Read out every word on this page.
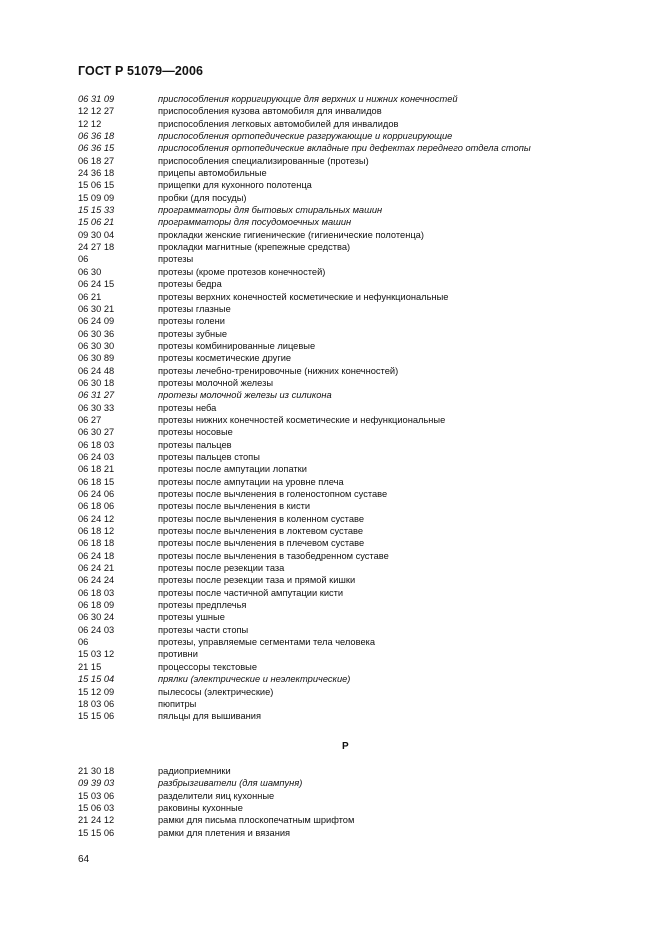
ГОСТ Р 51079—2006
06 31 09	приспособления корригирующие для верхних и нижних конечностей
12 12 27	приспособления кузова автомобиля для инвалидов
12 12	приспособления легковых автомобилей для инвалидов
06 36 18	приспособления ортопедические разгружающие и корригирующие
06 36 15	приспособления ортопедические вкладные при дефектах переднего отдела стопы
06 18 27	приспособления специализированные (протезы)
24 36 18	прицепы автомобильные
15 06 15	прищепки для кухонного полотенца
15 09 09	пробки (для посуды)
15 15 33	программаторы для бытовых стиральных машин
15 06 21	программаторы для посудомоечных машин
09 30 04	прокладки женские гигиенические (гигиенические полотенца)
24 27 18	прокладки магнитные (крепежные средства)
06	протезы
06 30	протезы (кроме протезов конечностей)
06 24 15	протезы бедра
06 21	протезы верхних конечностей косметические и нефункциональные
06 30 21	протезы глазные
06 24 09	протезы голени
06 30 36	протезы зубные
06 30 30	протезы комбинированные лицевые
06 30 89	протезы косметические другие
06 24 48	протезы лечебно-тренировочные (нижних конечностей)
06 30 18	протезы молочной железы
06 31 27	протезы молочной железы из силикона
06 30 33	протезы неба
06 27	протезы нижних конечностей косметические и нефункциональные
06 30 27	протезы носовые
06 18 03	протезы пальцев
06 24 03	протезы пальцев стопы
06 18 21	протезы после ампутации лопатки
06 18 15	протезы после ампутации на уровне плеча
06 24 06	протезы после вычленения в голеностопном суставе
06 18 06	протезы после вычленения в кисти
06 24 12	протезы после вычленения в коленном суставе
06 18 12	протезы после вычленения в локтевом суставе
06 18 18	протезы после вычленения в плечевом суставе
06 24 18	протезы после вычленения в тазобедренном суставе
06 24 21	протезы после резекции таза
06 24 24	протезы после резекции таза и прямой кишки
06 18 03	протезы после частичной ампутации кисти
06 18 09	протезы предплечья
06 30 24	протезы ушные
06 24 03	протезы части стопы
06	протезы, управляемые сегментами тела человека
15 03 12	противни
21 15	процессоры текстовые
15 15 04	прялки (электрические и неэлектрические)
15 12 09	пылесосы (электрические)
18 03 06	пюпитры
15 15 06	пяльцы для вышивания
Р
21 30 18	радиоприемники
09 39 03	разбрызгиватели (для шампуня)
15 03 06	разделители яиц кухонные
15 06 03	раковины кухонные
21 24 12	рамки для письма плоскопечатным шрифтом
15 15 06	рамки для плетения и вязания
64
